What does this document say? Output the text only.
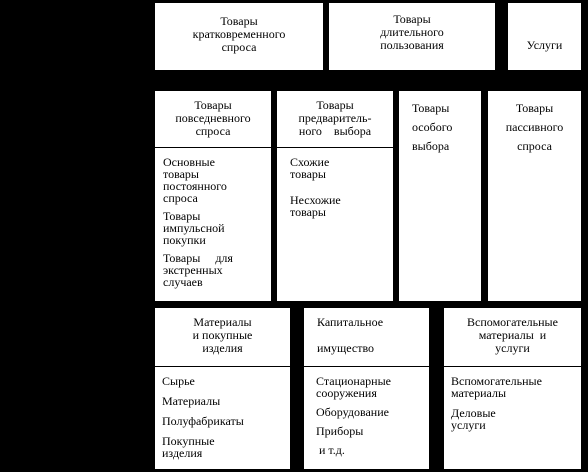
Товары
кратковременного
спроса
Товары
длительного
пользования	Услуги
Товары
повседневного
спроса
Основные
товары
постоянного
спроса
Товары
импульсной
покупки
Товары     для
экстренных
случаев
Товары
предваритель-
ного    выбора
Схожие
товары
Несхожие
товары
Товары
особого
выбора
Товары
пассивного
спроса
Материалы
и покупные
изделия
Сырье
Материалы
Полуфабрикаты
Покупные
изделия
Капитальное

имущество
Стационарные
сооружения
Оборудование
Приборы
и т.д.
Вспомогательные
материалы  и
услуги
Вспомогательные
материалы
Деловые
услуги
